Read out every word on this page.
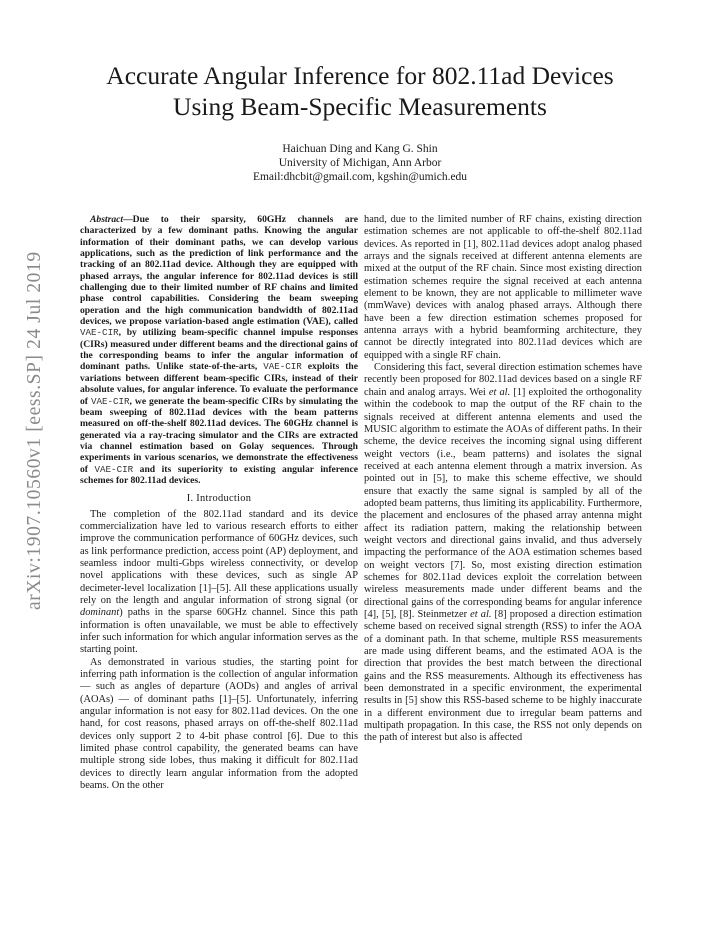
arXiv:1907.10560v1 [eess.SP] 24 Jul 2019
Accurate Angular Inference for 802.11ad Devices
Using Beam-Specific Measurements
Haichuan Ding and Kang G. Shin
University of Michigan, Ann Arbor
Email:dhcbit@gmail.com, kgshin@umich.edu

Abstract—Due to their sparsity, 60GHz channels are characterized by a few dominant paths. Knowing the angular information of their dominant paths, we can develop various applications, such as the prediction of link performance and the tracking of an 802.11ad device. Although they are equipped with phased arrays, the angular inference for 802.11ad devices is still challenging due to their limited number of RF chains and limited phase control capabilities. Considering the beam sweeping operation and the high communication bandwidth of 802.11ad devices, we propose variation-based angle estimation (VAE), called VAE-CIR, by utilizing beam-specific channel impulse responses (CIRs) measured under different beams and the directional gains of the corresponding beams to infer the angular information of dominant paths. Unlike state-of-the-arts, VAE-CIR exploits the variations between different beam-specific CIRs, instead of their absolute values, for angular inference. To evaluate the performance of VAE-CIR, we generate the beam-specific CIRs by simulating the beam sweeping of 802.11ad devices with the beam patterns measured on off-the-shelf 802.11ad devices. The 60GHz channel is generated via a ray-tracing simulator and the CIRs are extracted via channel estimation based on Golay sequences. Through experiments in various scenarios, we demonstrate the effectiveness of VAE-CIR and its superiority to existing angular inference schemes for 802.11ad devices.

I. Introduction

The completion of the 802.11ad standard and its device commercialization have led to various research efforts to either improve the communication performance of 60GHz devices, such as link performance prediction, access point (AP) deployment, and seamless indoor multi-Gbps wireless connectivity, or develop novel applications with these devices, such as single AP decimeter-level localization [1]–[5]. All these applications usually rely on the length and angular information of strong signal (or dominant) paths in the sparse 60GHz channel. Since this path information is often unavailable, we must be able to effectively infer such information for which angular information serves as the starting point.

As demonstrated in various studies, the starting point for inferring path information is the collection of angular information — such as angles of departure (AODs) and angles of arrival (AOAs) — of dominant paths [1]–[5]. Unfortunately, inferring angular information is not easy for 802.11ad devices. On the one hand, for cost reasons, phased arrays on off-the-shelf 802.11ad devices only support 2 to 4-bit phase control [6]. Due to this limited phase control capability, the generated beams can have multiple strong side lobes, thus making it difficult for 802.11ad devices to directly learn angular information from the adopted beams. On the other

hand, due to the limited number of RF chains, existing direction estimation schemes are not applicable to off-the-shelf 802.11ad devices. As reported in [1], 802.11ad devices adopt analog phased arrays and the signals received at different antenna elements are mixed at the output of the RF chain. Since most existing direction estimation schemes require the signal received at each antenna element to be known, they are not applicable to millimeter wave (mmWave) devices with analog phased arrays. Although there have been a few direction estimation schemes proposed for antenna arrays with a hybrid beamforming architecture, they cannot be directly integrated into 802.11ad devices which are equipped with a single RF chain.

Considering this fact, several direction estimation schemes have recently been proposed for 802.11ad devices based on a single RF chain and analog arrays. Wei et al. [1] exploited the orthogonality within the codebook to map the output of the RF chain to the signals received at different antenna elements and used the MUSIC algorithm to estimate the AOAs of different paths. In their scheme, the device receives the incoming signal using different weight vectors (i.e., beam patterns) and isolates the signal received at each antenna element through a matrix inversion. As pointed out in [5], to make this scheme effective, we should ensure that exactly the same signal is sampled by all of the adopted beam patterns, thus limiting its applicability. Furthermore, the placement and enclosures of the phased array antenna might affect its radiation pattern, making the relationship between weight vectors and directional gains invalid, and thus adversely impacting the performance of the AOA estimation schemes based on weight vectors [7]. So, most existing direction estimation schemes for 802.11ad devices exploit the correlation between wireless measurements made under different beams and the directional gains of the corresponding beams for angular inference [4], [5], [8]. Steinmetzer et al. [8] proposed a direction estimation scheme based on received signal strength (RSS) to infer the AOA of a dominant path. In that scheme, multiple RSS measurements are made using different beams, and the estimated AOA is the direction that provides the best match between the directional gains and the RSS measurements. Although its effectiveness has been demonstrated in a specific environment, the experimental results in [5] show this RSS-based scheme to be highly inaccurate in a different environment due to irregular beam patterns and multipath propagation. In this case, the RSS not only depends on the path of interest but also is affected
